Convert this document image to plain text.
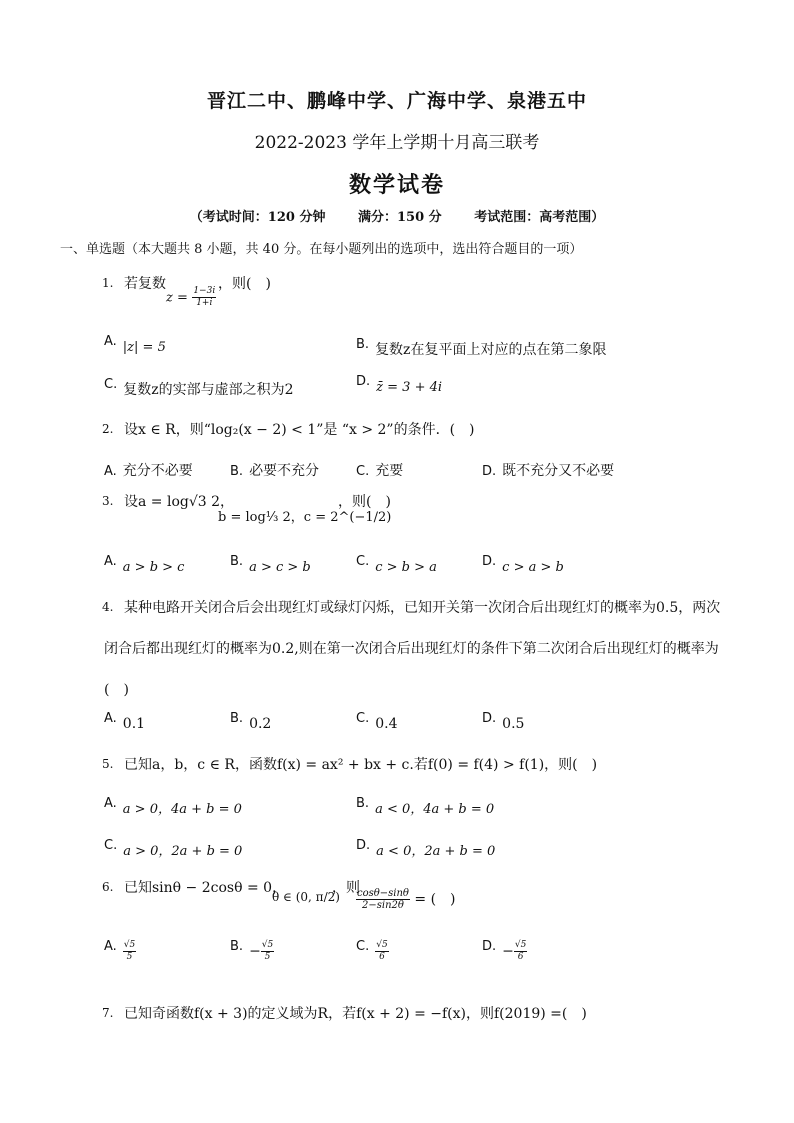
晋江二中、鹏峰中学、广海中学、泉港五中
2022-2023 学年上学期十月高三联考
数学试卷
（考试时间：120 分钟	满分：150 分	考试范围：高考范围）
一、单选题（本大题共 8 小题，共 40 分。在每小题列出的选项中，选出符合题目的一项）
1. 若复数
$z = \frac{1-3i}{1+i}$
，则(　)
A. |z| = 5	B. 复数z在复平面上对应的点在第二象限
C. 复数z的实部与虚部之积为2
D. z̄ = 3 + 4i
2. 设x ∈ R，则“log₂(x − 2) < 1”是 “x > 2”的条件．(　)
A. 充分不必要	B. 必要不充分	C. 充要	D. 既不充分又不必要
3. 设a = log√3 2，
b = log⅓ 2，c = 2^(−1/2)
，则(　)
A. a > b > c	B. a > c > b	C. c > b > a	D. c > a > b
4. 某种电路开关闭合后会出现红灯或绿灯闪烁，已知开关第一次闭合后出现红灯的概率为0.5，两次
闭合后都出现红灯的概率为0.2,则在第一次闭合后出现红灯的条件下第二次闭合后出现红灯的概率为
(　)
A. 0.1	B. 0.2	C. 0.4	D. 0.5
5. 已知a，b，c ∈ R，函数f(x) = ax² + bx + c.若f(0) = f(4) > f(1)，则(　)
A. a > 0，4a + b = 0	B. a < 0，4a + b = 0
C. a > 0，2a + b = 0	D. a < 0，2a + b = 0
6. 已知sinθ − 2cosθ = 0，
θ ∈ (0, π/2)
，则
$\frac{\cos\theta-\sin\theta}{2-\sin 2\theta}$ = (　)
A. $\frac{√5}{5}$	B. − $\frac{√5}{5}$	C. $\frac{√5}{6}$	D. − $\frac{√5}{6}$
7. 已知奇函数f(x + 3)的定义域为R，若f(x + 2) = −f(x)，则f(2019) =(　)
